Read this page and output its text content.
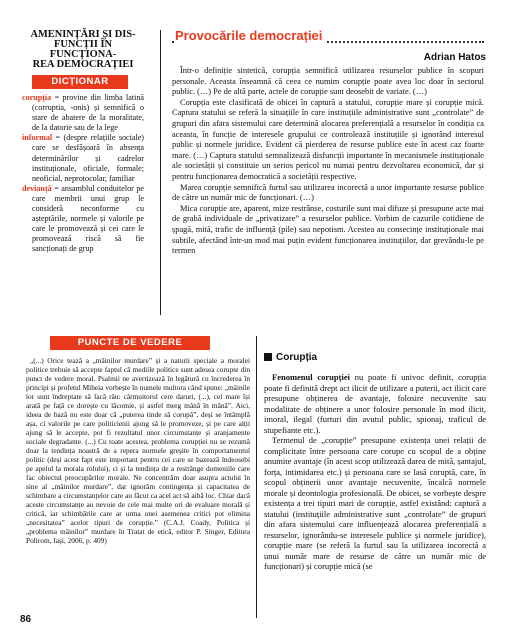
AMENINȚĂRI ȘI DIS-
FUNCȚII ÎN FUNCȚIONA-
REA DEMOCRAȚIEI
DICȚIONAR

corupția = provine din limba latină (corruptia, -onis) și semnifică o stare de abatere de la moralitate, de la datorie sau de la lege

informal = (despre relațiile sociale) care se desfășoară în absența determinărilor și cadrelor instituționale, oficiale, formale; neoficial, neprotocolar, familiar

devianță = ansamblul conduitelor pe care membrii unui grup le consideră neconforme cu așteptările, normele și valorile pe care le promovează și cei care le promovează riscă să fie sancționați de grup

Provocările democrației
Adrian Hatos

Într-o definiție sintetică, corupția semnifică utilizarea resurselor publice în scopuri personale. Aceasta înseamnă că ceea ce numim corupție poate avea loc doar în sectorul public. (…) Pe de altă parte, actele de corupție sunt deosebit de variate. (…)

Corupția este clasificată de obicei în captură a statului, corupție mare și corupție mică. Captura statului se referă la situațiile în care instituțiile administrative sunt „controlate” de grupuri din afara sistemului care determină alocarea preferențială a resurselor în condiția ca aceasta, în funcție de interesele grupului ce controlează instituțiile și ignorând interesul public și normele juridice. Evident că pierderea de resurse publice este în acest caz foarte mare. (…) Captura statului semnalizează disfuncții importante în mecanismele instituționale ale societății și constituie un serios pericol nu numai pentru dezvoltarea economică, dar și pentru funcționarea democratică a societății respective.

Marea corupție semnifică furtul sau utilizarea incorectă a unor importante resurse publice de către un număr mic de funcționari. (…)

Mica corupție are, aparent, mize restrânse, costurile sunt mai difuze și presupune acte mai de grabă individuale de „privatizare” a resurselor publice. Vorbim de cazurile cotidiene de șpagă, mită, trafic de influență (pile) sau nepotism. Acestea au consecințe instituționale mai subtile, afectând într-un mod mai puțin evident funcționarea instituțiilor, dar grevându-le pe termen

PUNCTE DE VEDERE
„(...) Orice tează a „mâinilor murdare” și a naturii speciale a moralei politice trebuie să accepte faptul că mediile politice sunt adesea corupte din punct de vedere moral. Psalmii ne avertizează în legătură cu încrederea în principi și profetul Miheia vorbește în numele multora când spune: „mâinile lor sunt îndreptate să facă rău: cârmuitorul cere daruri, (...), cel mare își arată pe față ce dorește cu lăcomie, și astfel merg mână în mână”. Aici, ideea de bază nu este doar că „puterea tinde să corupă”, deși se întâmplă așa, ci valorile pe care politicienii ajung să le promoveze, și pe care alții ajung să le accepte, pot fi rezultatul unor circumstanțe și aranjamente sociale degradante. (...) Cu toate acestea, problema corupției nu se rezumă doar la tendința noastră de a repera normele greșite în comportamentul politic (deși acest fapt este important pentru cei care se bazează îndeosebi pe apelul la morala rolului), ci și la tendința de a restrânge domeniile care fac obiectul preocupărilor morale. Ne concentrăm doar asupra actului în sine al „mâinilor murdare”, dar ignorăm contingența și capacitatea de schimbare a circumstanțelor care au făcut ca acel act să aibă loc. Chiar dacă aceste circumstanțe au nevoie de cele mai multe ori de evaluare morală și critică, iar schimbările care ar urma unei asemenea critici pot elimina „necesitatea” acelor tipuri de corupție.” (C.A.J. Coady, Politica și „problema mâinilor” murdare în Tratat de etică, editor P. Singer, Editura Polirom, Iași, 2006, p. 409)
Corupția

Fenomenul corupției nu poate fi univoc definit, corupția poate fi definită drept act ilicit de utilizare a puterii, act ilicit care presupune obținerea de avantaje, folosire necuvenite sau modalitate de obținere a unor folosire personale în mod ilicit, imoral, ilegal (furturi din avutul public, spionaj, traficul de stupefiante etc.).

Termenul de „corupție” presupune existența unei relații de complicitate între persoana care corupe cu scopul de a obține anumite avantaje (în acest scop utilizează darea de mită, șantajul, forța, intimidarea etc.) și persoana care se lasă coruptă, care, în scopul obținerii unor avantaje necuvenite, încalcă normele morale și deontologia profesională. De obicei, se vorbește despre existența a trei tipuri mari de corupție, astfel existând: captură a statului (instituțiile administrative sunt „controlate” de grupuri din afara sistemului care influențează alocarea preferențială a resurselor, ignorându-se interesele publice și normele juridice), corupție mare (se referă la furtul sau la utilizarea incorectă a unui număr mare de resurse de către un număr mic de funcționari) și corupție mică (se

86
